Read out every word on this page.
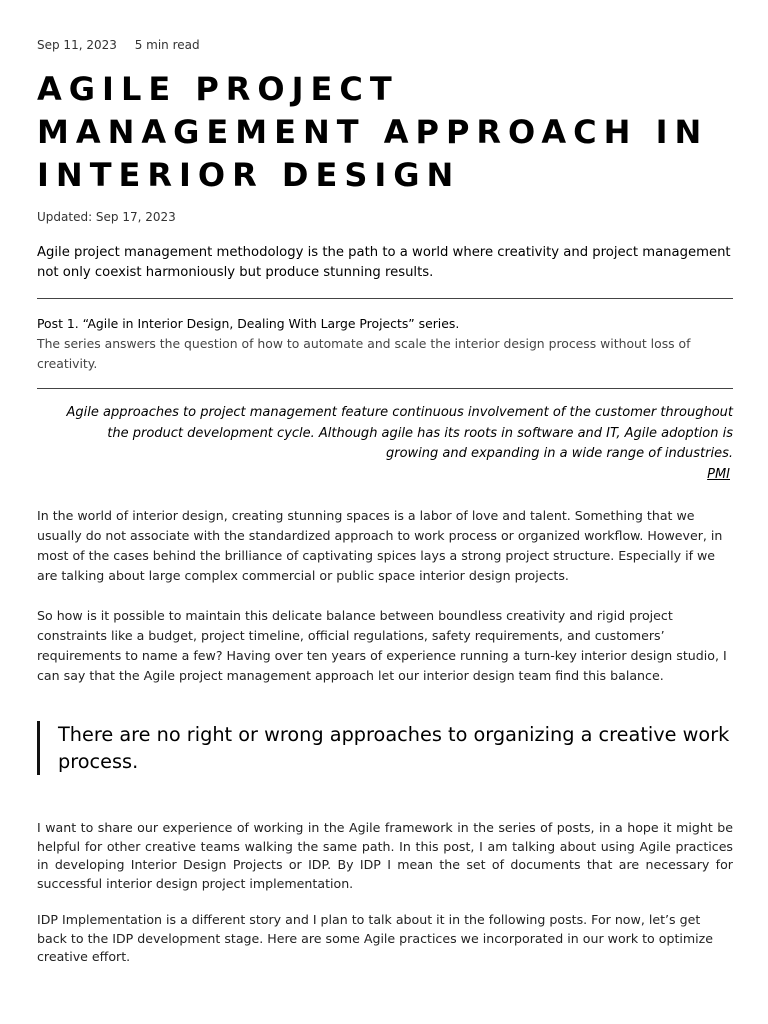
Sep 11, 2023 5 min read
AGILE PROJECT
MANAGEMENT APPROACH IN
INTERIOR DESIGN
Updated: Sep 17, 2023
Agile project management methodology is the path to a world where creativity and project management not only coexist harmoniously but produce stunning results.
Post 1. “Agile in Interior Design, Dealing With Large Projects” series.
The series answers the question of how to automate and scale the interior design process without loss of creativity.
Agile approaches to project management feature continuous involvement of the customer throughout the product development cycle. Although agile has its roots in software and IT, Agile adoption is growing and expanding in a wide range of industries.
PMI

In the world of interior design, creating stunning spaces is a labor of love and talent. Something that we usually do not associate with the standardized approach to work process or organized workflow. However, in most of the cases behind the brilliance of captivating spices lays a strong project structure. Especially if we are talking about large complex commercial or public space interior design projects.

So how is it possible to maintain this delicate balance between boundless creativity and rigid project constraints like a budget, project timeline, official regulations, safety requirements, and customers’ requirements to name a few? Having over ten years of experience running a turn-key interior design studio, I can say that the Agile project management approach let our interior design team find this balance.

There are no right or wrong approaches to organizing a creative work process.

I want to share our experience of working in the Agile framework in the series of posts, in a hope it might be helpful for other creative teams walking the same path. In this post, I am talking about using Agile practices in developing Interior Design Projects or IDP. By IDP I mean the set of documents that are necessary for successful interior design project implementation.

IDP Implementation is a different story and I plan to talk about it in the following posts. For now, let’s get back to the IDP development stage. Here are some Agile practices we incorporated in our work to optimize creative effort.
